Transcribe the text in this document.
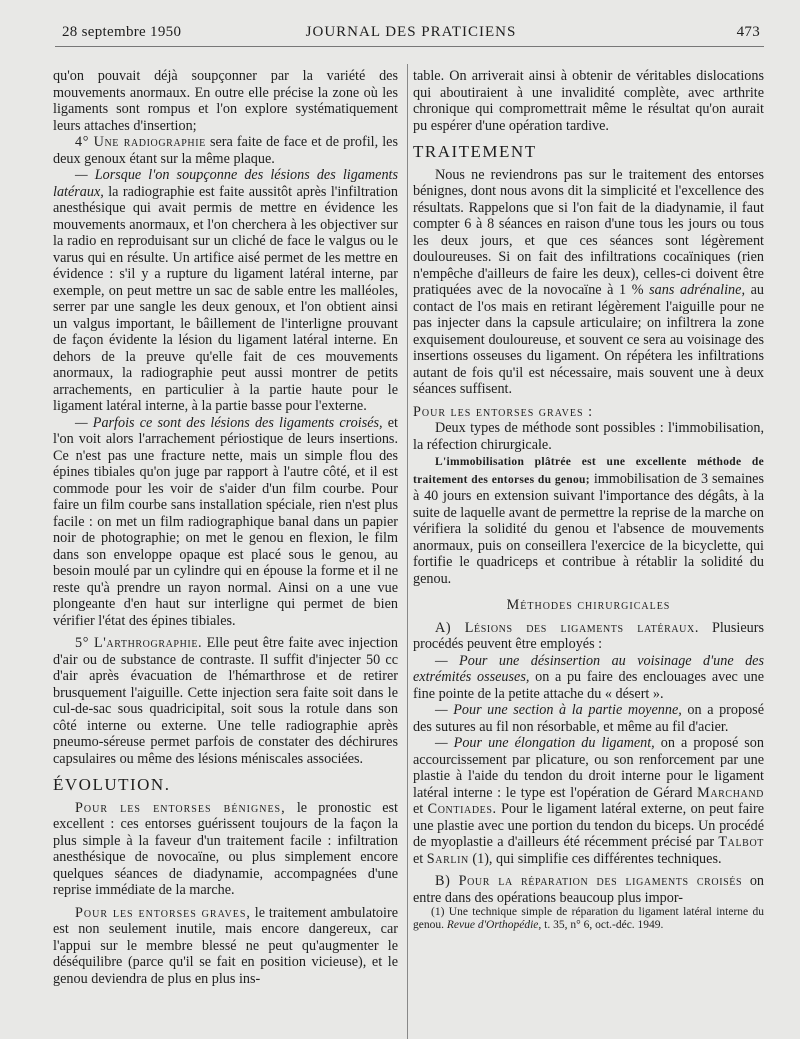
28 septembre 1950	JOURNAL DES PRATICIENS	473

qu'on pouvait déjà soupçonner par la variété des mouvements anormaux. En outre elle précise la zone où les ligaments sont rompus et l'on explore systématiquement leurs attaches d'insertion;

4° Une radiographie sera faite de face et de profil, les deux genoux étant sur la même plaque.

— Lorsque l'on soupçonne des lésions des ligaments latéraux, la radiographie est faite aussitôt après l'infiltration anesthésique qui avait permis de mettre en évidence les mouvements anormaux, et l'on cherchera à les objectiver sur la radio en reproduisant sur un cliché de face le valgus ou le varus qui en résulte. Un artifice aisé permet de les mettre en évidence : s'il y a rupture du ligament latéral interne, par exemple, on peut mettre un sac de sable entre les malléoles, serrer par une sangle les deux genoux, et l'on obtient ainsi un valgus important, le bâillement de l'interligne prouvant de façon évidente la lésion du ligament latéral interne. En dehors de la preuve qu'elle fait de ces mouvements anormaux, la radiographie peut aussi montrer de petits arrachements, en particulier à la partie haute pour le ligament latéral interne, à la partie basse pour l'externe.

— Parfois ce sont des lésions des ligaments croisés, et l'on voit alors l'arrachement périostique de leurs insertions. Ce n'est pas une fracture nette, mais un simple flou des épines tibiales qu'on juge par rapport à l'autre côté, et il est commode pour les voir de s'aider d'un film courbe. Pour faire un film courbe sans installation spéciale, rien n'est plus facile : on met un film radiographique banal dans un papier noir de photographie; on met le genou en flexion, le film dans son enveloppe opaque est placé sous le genou, au besoin moulé par un cylindre qui en épouse la forme et il ne reste qu'à prendre un rayon normal. Ainsi on a une vue plongeante d'en haut sur interligne qui permet de bien vérifier l'état des épines tibiales.

5° L'arthrographie. Elle peut être faite avec injection d'air ou de substance de contraste. Il suffit d'injecter 50 cc d'air après évacuation de l'hémarthrose et de retirer brusquement l'aiguille. Cette injection sera faite soit dans le cul-de-sac sous quadricipital, soit sous la rotule dans son côté interne ou externe. Une telle radiographie après pneumo-séreuse permet parfois de constater des déchirures capsulaires ou même des lésions méniscales associées.

ÉVOLUTION.

Pour les entorses bénignes, le pronostic est excellent : ces entorses guérissent toujours de la façon la plus simple à la faveur d'un traitement facile : infiltration anesthésique de novocaïne, ou plus simplement encore quelques séances de diadynamie, accompagnées d'une reprise immédiate de la marche.

Pour les entorses graves, le traitement ambulatoire est non seulement inutile, mais encore dangereux, car l'appui sur le membre blessé ne peut qu'augmenter le déséquilibre (parce qu'il se fait en position vicieuse), et le genou deviendra de plus en plus ins-

table. On arriverait ainsi à obtenir de véritables dislocations qui aboutiraient à une invalidité complète, avec arthrite chronique qui compromettrait même le résultat qu'on aurait pu espérer d'une opération tardive.

TRAITEMENT

Nous ne reviendrons pas sur le traitement des entorses bénignes, dont nous avons dit la simplicité et l'excellence des résultats. Rappelons que si l'on fait de la diadynamie, il faut compter 6 à 8 séances en raison d'une tous les jours ou tous les deux jours, et que ces séances sont légèrement douloureuses. Si on fait des infiltrations cocaïniques (rien n'empêche d'ailleurs de faire les deux), celles-ci doivent être pratiquées avec de la novocaïne à 1 % sans adrénaline, au contact de l'os mais en retirant légèrement l'aiguille pour ne pas injecter dans la capsule articulaire; on infiltrera la zone exquisement douloureuse, et souvent ce sera au voisinage des insertions osseuses du ligament. On répétera les infiltrations autant de fois qu'il est nécessaire, mais souvent une à deux séances suffisent.

Pour les entorses graves :

Deux types de méthode sont possibles : l'immobilisation, la réfection chirurgicale.

L'immobilisation plâtrée est une excellente méthode de traitement des entorses du genou; immobilisation de 3 semaines à 40 jours en extension suivant l'importance des dégâts, à la suite de laquelle avant de permettre la reprise de la marche on vérifiera la solidité du genou et l'absence de mouvements anormaux, puis on conseillera l'exercice de la bicyclette, qui fortifie le quadriceps et contribue à rétablir la solidité du genou.

Méthodes chirurgicales

A) Lésions des ligaments latéraux. Plusieurs procédés peuvent être employés :

— Pour une désinsertion au voisinage d'une des extrémités osseuses, on a pu faire des enclouages avec une fine pointe de la petite attache du « désert ».

— Pour une section à la partie moyenne, on a proposé des sutures au fil non résorbable, et même au fil d'acier.

— Pour une élongation du ligament, on a proposé son accourcissement par plicature, ou son renforcement par une plastie à l'aide du tendon du droit interne pour le ligament latéral interne : le type est l'opération de Gérard Marchand et Contiades. Pour le ligament latéral externe, on peut faire une plastie avec une portion du tendon du biceps. Un procédé de myoplastie a d'ailleurs été récemment précisé par Talbot et Sarlin (1), qui simplifie ces différentes techniques.

B) Pour la réparation des ligaments croisés on entre dans des opérations beaucoup plus impor-

(1) Une technique simple de réparation du ligament latéral interne du genou. Revue d'Orthopédie, t. 35, n° 6, oct.-déc. 1949.
